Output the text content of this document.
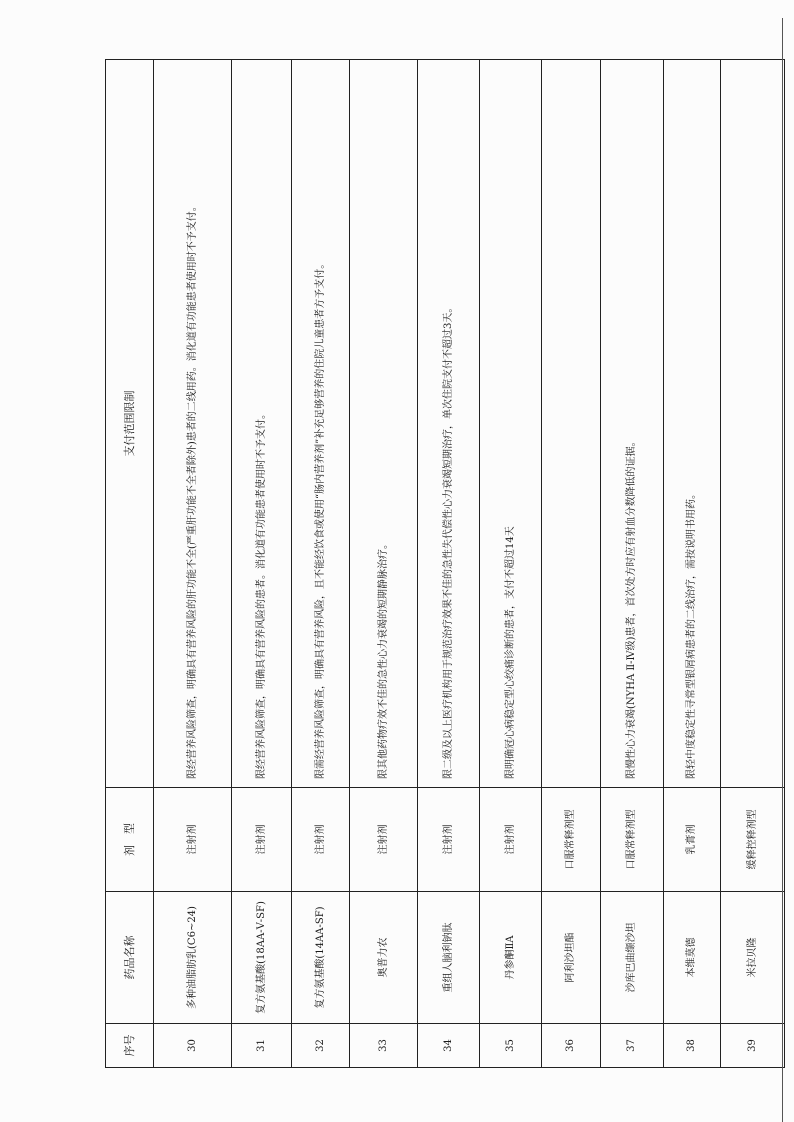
序号	药品名称	剂　型	支付范围限制
30	多种油脂肪乳(C6~24)	注射剂	限经营养风险筛查，明确具有营养风险的肝功能不全(严重肝功能不全者除外)患者的二线用药。消化道有功能患者使用时不予支付。
31	复方氨基酸(18AA-Ⅴ-SF)	注射剂	限经营养风险筛查，明确具有营养风险的患者。消化道有功能患者使用时不予支付。
32	复方氨基酸(14AA-SF)	注射剂	限需经营养风险筛查，明确具有营养风险，且不能经饮食或使用“肠内营养剂”补充足够营养的住院儿童患者方予支付。
33	奥普力农	注射剂	限其他药物疗效不佳的急性心力衰竭的短期静脉治疗。
34	重组人脑利钠肽	注射剂	限二级及以上医疗机构用于规范治疗效果不佳的急性失代偿性心力衰竭短期治疗，单次住院支付不超过3天。
35	丹参酮ⅡA	注射剂	限明确冠心病稳定型心绞痛诊断的患者，支付不超过14天
36	阿利沙坦酯	口服常释剂型	
37	沙库巴曲缬沙坦	口服常释剂型	限慢性心力衰竭(NYHA Ⅱ-Ⅳ级)患者，首次处方时应有射血分数降低的证据。
38	本维莫德	乳膏剂	限轻中度稳定性寻常型银屑病患者的二线治疗，需按说明书用药。
39	米拉贝隆	缓释控释剂型	
